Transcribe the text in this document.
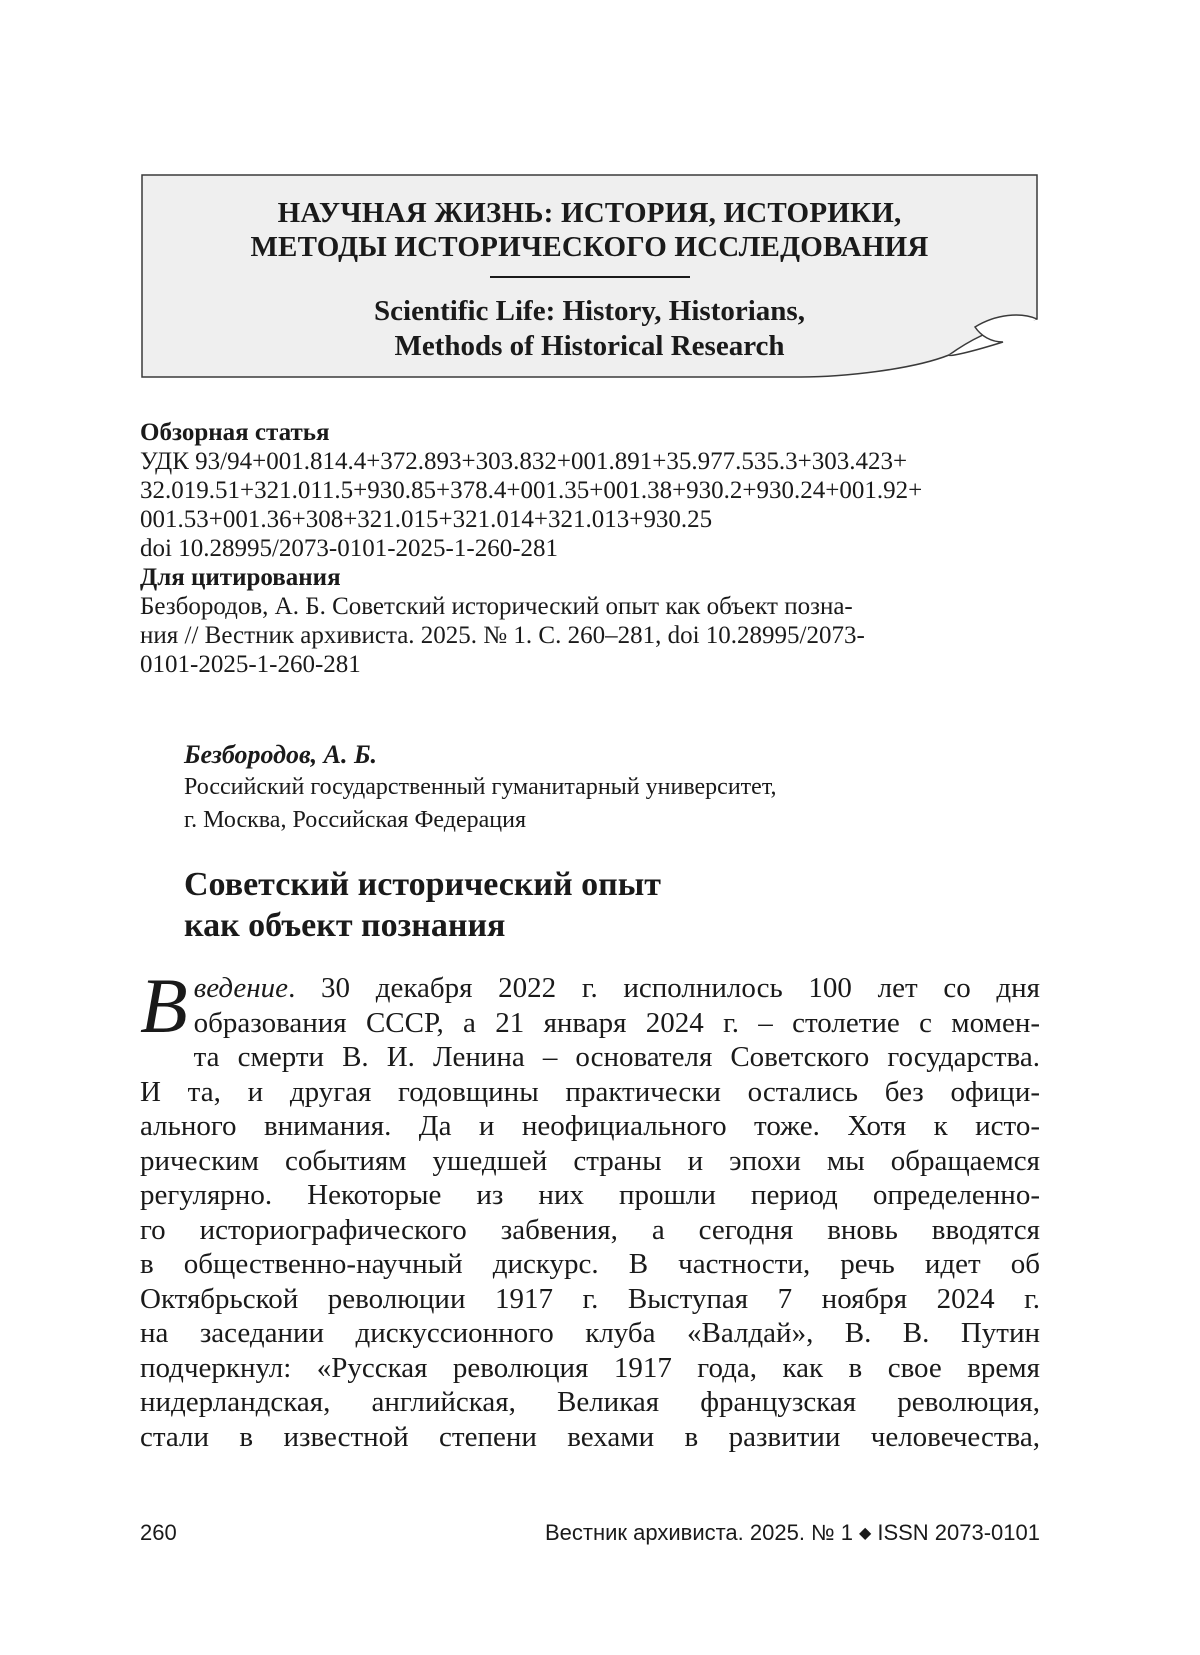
НАУЧНАЯ ЖИЗНЬ: ИСТОРИЯ, ИСТОРИКИ,

МЕТОДЫ ИСТОРИЧЕСКОГО ИССЛЕДОВАНИЯ

Scientific Life: History, Historians,

Methods of Historical Research

Обзорная статья
УДК 93/94+001.814.4+372.893+303.832+001.891+35.977.535.3+303.423+
32.019.51+321.011.5+930.85+378.4+001.35+001.38+930.2+930.24+001.92+
001.53+001.36+308+321.015+321.014+321.013+930.25
doi 10.28995/2073-0101-2025-1-260-281
Для цитирования
Безбородов, А. Б. Советский исторический опыт как объект позна-
ния // Вестник архивиста. 2025. № 1. С. 260–281, doi 10.28995/2073-
0101-2025-1-260-281
Безбородов, А. Б.
Российский государственный гуманитарный университет,
г. Москва, Российская Федерация
Советский исторический опыт
как объект познания
В ведение. 30 декабря 2022 г. исполнилось 100 лет со дня
образования СССР, а 21 января 2024 г. – столетие с момен-
та смерти В. И. Ленина – основателя Советского государства.
И та, и другая годовщины практически остались без офици-
ального внимания. Да и неофициального тоже. Хотя к исто-
рическим событиям ушедшей страны и эпохи мы обращаемся
регулярно. Некоторые из них прошли период определенно-
го историографического забвения, а сегодня вновь вводятся
в общественно-научный дискурс. В частности, речь идет об
Октябрьской революции 1917 г. Выступая 7 ноября 2024 г.
на заседании дискуссионного клуба «Валдай», В. В. Путин
подчеркнул: «Русская революция 1917 года, как в свое время
нидерландская, английская, Великая французская революция,
стали в известной степени вехами в развитии человечества,
260	Вестник архивиста. 2025. № 1 ◆ ISSN 2073-0101
